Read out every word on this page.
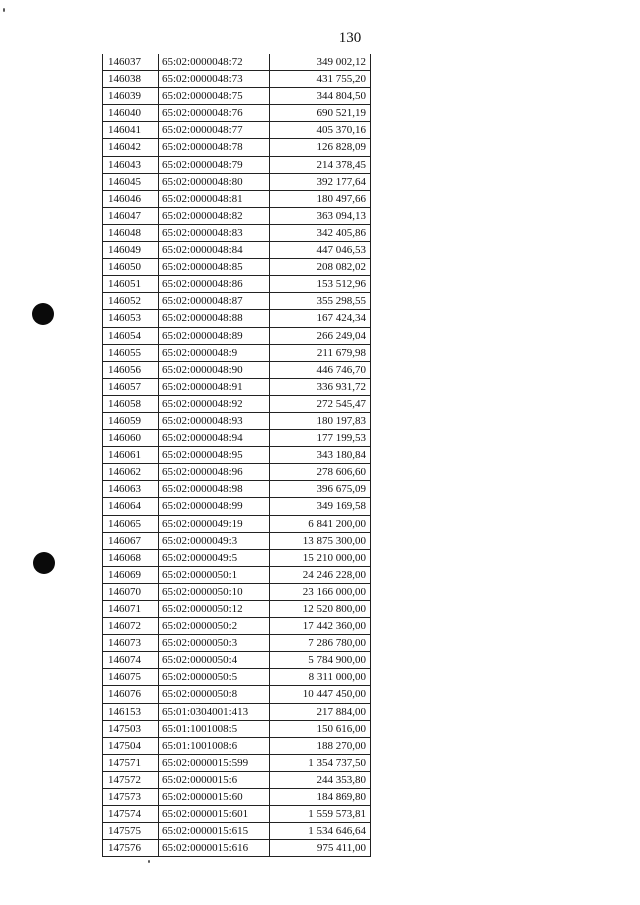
130
146037	65:02:0000048:72	349 002,12
146038	65:02:0000048:73	431 755,20
146039	65:02:0000048:75	344 804,50
146040	65:02:0000048:76	690 521,19
146041	65:02:0000048:77	405 370,16
146042	65:02:0000048:78	126 828,09
146043	65:02:0000048:79	214 378,45
146045	65:02:0000048:80	392 177,64
146046	65:02:0000048:81	180 497,66
146047	65:02:0000048:82	363 094,13
146048	65:02:0000048:83	342 405,86
146049	65:02:0000048:84	447 046,53
146050	65:02:0000048:85	208 082,02
146051	65:02:0000048:86	153 512,96
146052	65:02:0000048:87	355 298,55
146053	65:02:0000048:88	167 424,34
146054	65:02:0000048:89	266 249,04
146055	65:02:0000048:9	211 679,98
146056	65:02:0000048:90	446 746,70
146057	65:02:0000048:91	336 931,72
146058	65:02:0000048:92	272 545,47
146059	65:02:0000048:93	180 197,83
146060	65:02:0000048:94	177 199,53
146061	65:02:0000048:95	343 180,84
146062	65:02:0000048:96	278 606,60
146063	65:02:0000048:98	396 675,09
146064	65:02:0000048:99	349 169,58
146065	65:02:0000049:19	6 841 200,00
146067	65:02:0000049:3	13 875 300,00
146068	65:02:0000049:5	15 210 000,00
146069	65:02:0000050:1	24 246 228,00
146070	65:02:0000050:10	23 166 000,00
146071	65:02:0000050:12	12 520 800,00
146072	65:02:0000050:2	17 442 360,00
146073	65:02:0000050:3	7 286 780,00
146074	65:02:0000050:4	5 784 900,00
146075	65:02:0000050:5	8 311 000,00
146076	65:02:0000050:8	10 447 450,00
146153	65:01:0304001:413	217 884,00
147503	65:01:1001008:5	150 616,00
147504	65:01:1001008:6	188 270,00
147571	65:02:0000015:599	1 354 737,50
147572	65:02:0000015:6	244 353,80
147573	65:02:0000015:60	184 869,80
147574	65:02:0000015:601	1 559 573,81
147575	65:02:0000015:615	1 534 646,64
147576	65:02:0000015:616	975 411,00
